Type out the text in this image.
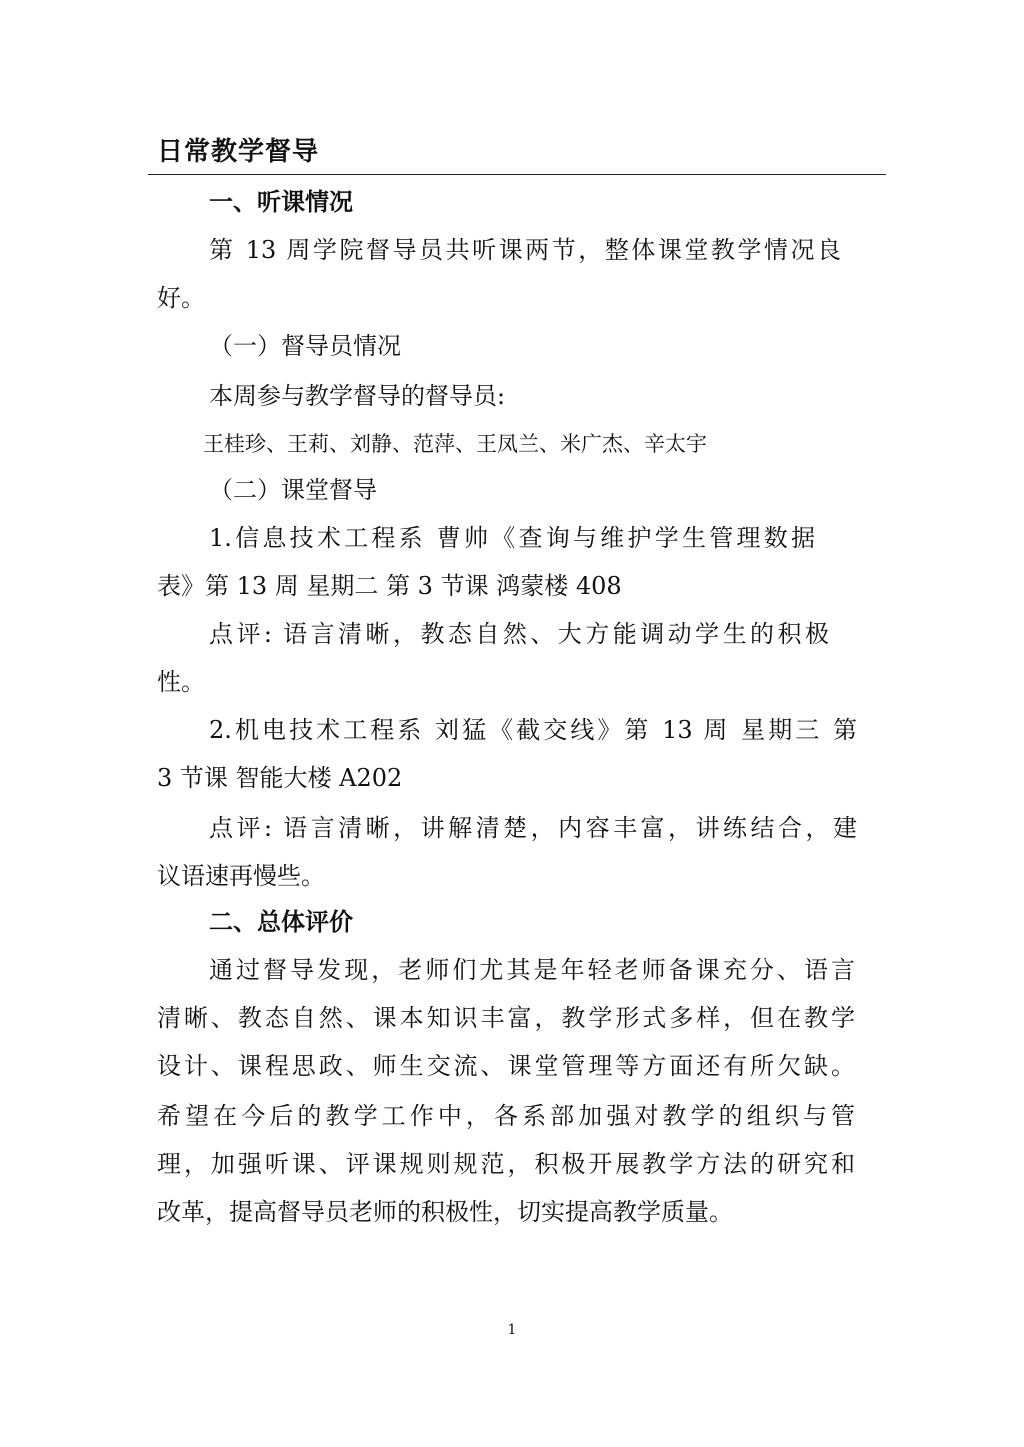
日常教学督导
一、听课情况
第 13 周学院督导员共听课两节，整体课堂教学情况良
好。
（一）督导员情况
本周参与教学督导的督导员:
王桂珍、王莉、刘静、范萍、王凤兰、米广杰、辛太宇
（二）课堂督导
1.信息技术工程系 曹帅《查询与维护学生管理数据
表》第 13 周 星期二 第 3 节课 鸿蒙楼 408
点评: 语言清晰，教态自然、大方能调动学生的积极
性。
2.机电技术工程系 刘猛《截交线》第 13 周 星期三 第
3 节课 智能大楼 A202
点评: 语言清晰，讲解清楚，内容丰富，讲练结合，建
议语速再慢些。
二、总体评价
通过督导发现，老师们尤其是年轻老师备课充分、语言
清晰、教态自然、课本知识丰富，教学形式多样，但在教学
设计、课程思政、师生交流、课堂管理等方面还有所欠缺。
希望在今后的教学工作中，各系部加强对教学的组织与管
理，加强听课、评课规则规范，积极开展教学方法的研究和
改革，提高督导员老师的积极性，切实提高教学质量。
1
